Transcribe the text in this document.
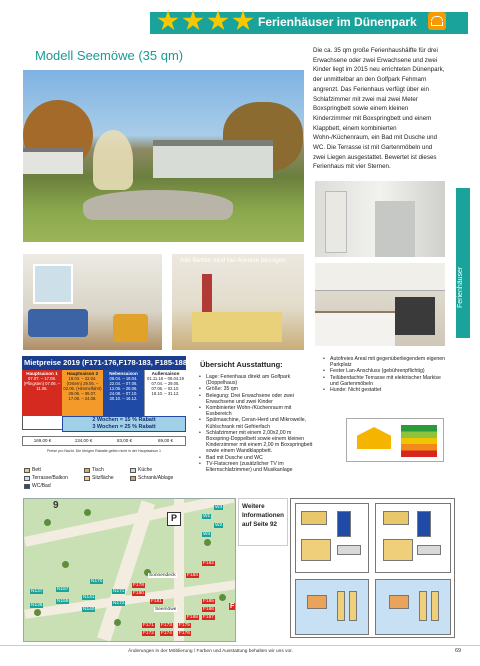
Ferienhäuser im Dünenpark
Modell Seemöwe (35 qm)
Alle Betten sind bei Anreise bezogen
Die ca. 35 qm große Ferienhaushälfte für drei Erwachsene oder zwei Erwachsene und zwei Kinder liegt im 2015 neu errichteten Dünenpark, der unmittelbar an den Golfpark Fehmarn angrenzt. Das Ferienhaus verfügt über ein Schlafzimmer mit zwei mal zwei Meter Boxspringbett sowie einem kleinen Kinderzimmer mit Boxspringbett und einem Klappbett, einem kombinierten Wohn-/Küchenraum, ein Bad mit Dusche und WC. Die Terrasse ist mit Gartenmöbeln und zwei Liegen ausgestattet. Bewertet ist dieses Ferienhaus mit vier Sternen.
Ferienhäuser
Mietpreise 2019 (F171-176,F178-183, F185-188)
Hauptsaison 1
07.07. – 17.08. (Pfingsten) 07.06. – 11.06.
Hauptsaison 2
18.04. – 22.04. (Ostern) 29.05. – 02.06. (Himmelfahrt) 29.06. – 06.07. 17.08. – 24.08.
Nebensaison
06.04. – 18.04. 22.04. – 07.06. 12.06. – 28.06. 24.08. – 07.10. 30.10. – 16.12.
Außersaison
01.11.18 – 06.04.19 07.04. – 29.05. 07.06. – 02.10. 18.10. – 31.12.
2 Wochen = 15 % Rabatt
3 Wochen = 25 % Rabatt
169,00 €	134,00 €	83,00 €	69,00 €
Preise pro Nacht. Die übrigen Rabatte gelten nicht in der Hauptsaison 1
Bett	Tisch	Küche
Terrasse/Balkon	Sitzfläche	Schrank/Ablage
WC/Bad
Übersicht Ausstattung:
• Lage: Ferienhaus direkt am Golfpark (Doppelhaus)
• Größe: 35 qm
• Belegung: Drei Erwachsene oder zwei Erwachsene und zwei Kinder
• Kombinierter Wohn-/Küchenraum mit Essbereich
• Spülmaschine, Ceran-Herd und Mikrowelle, Kühlschrank mit Gefrierfach
• Schlafzimmer mit einem 2,00x2,00 m Boxspring-Doppelbett sowie einem kleinen Kinderzimmer mit einem 2,00 m Boxspringbett sowie einem Wandklappbett.
• Bad mit Dusche und WC
• TV-Flatscreen (zusätzlicher TV im Elternschlafzimmer) und Musikanlage
• Autofreies Areal mit gegenüberliegendem eigenen Parkplatz
• Fester Lan-Anschluss (gebührenpflichtig)
• Teilüberdachte Terrasse mit elektrischer Markise und Gartenmöbeln
• Hunde: Nicht gestattet
W3
W1
W2
W4
N170
N137	N157
N136
N159
N141
N172
N140
N171
F171
F172
F173
F174
F175
F176
F178
F180
F181
F182
F183
F185
F186
F187
F188
Seemöwe
Sonnendeck
P
9
F
Weitere
Informationen
auf Seite 92
Änderungen in der Möblierung / Farben und Ausstattung behalten wir uns vor.	69
